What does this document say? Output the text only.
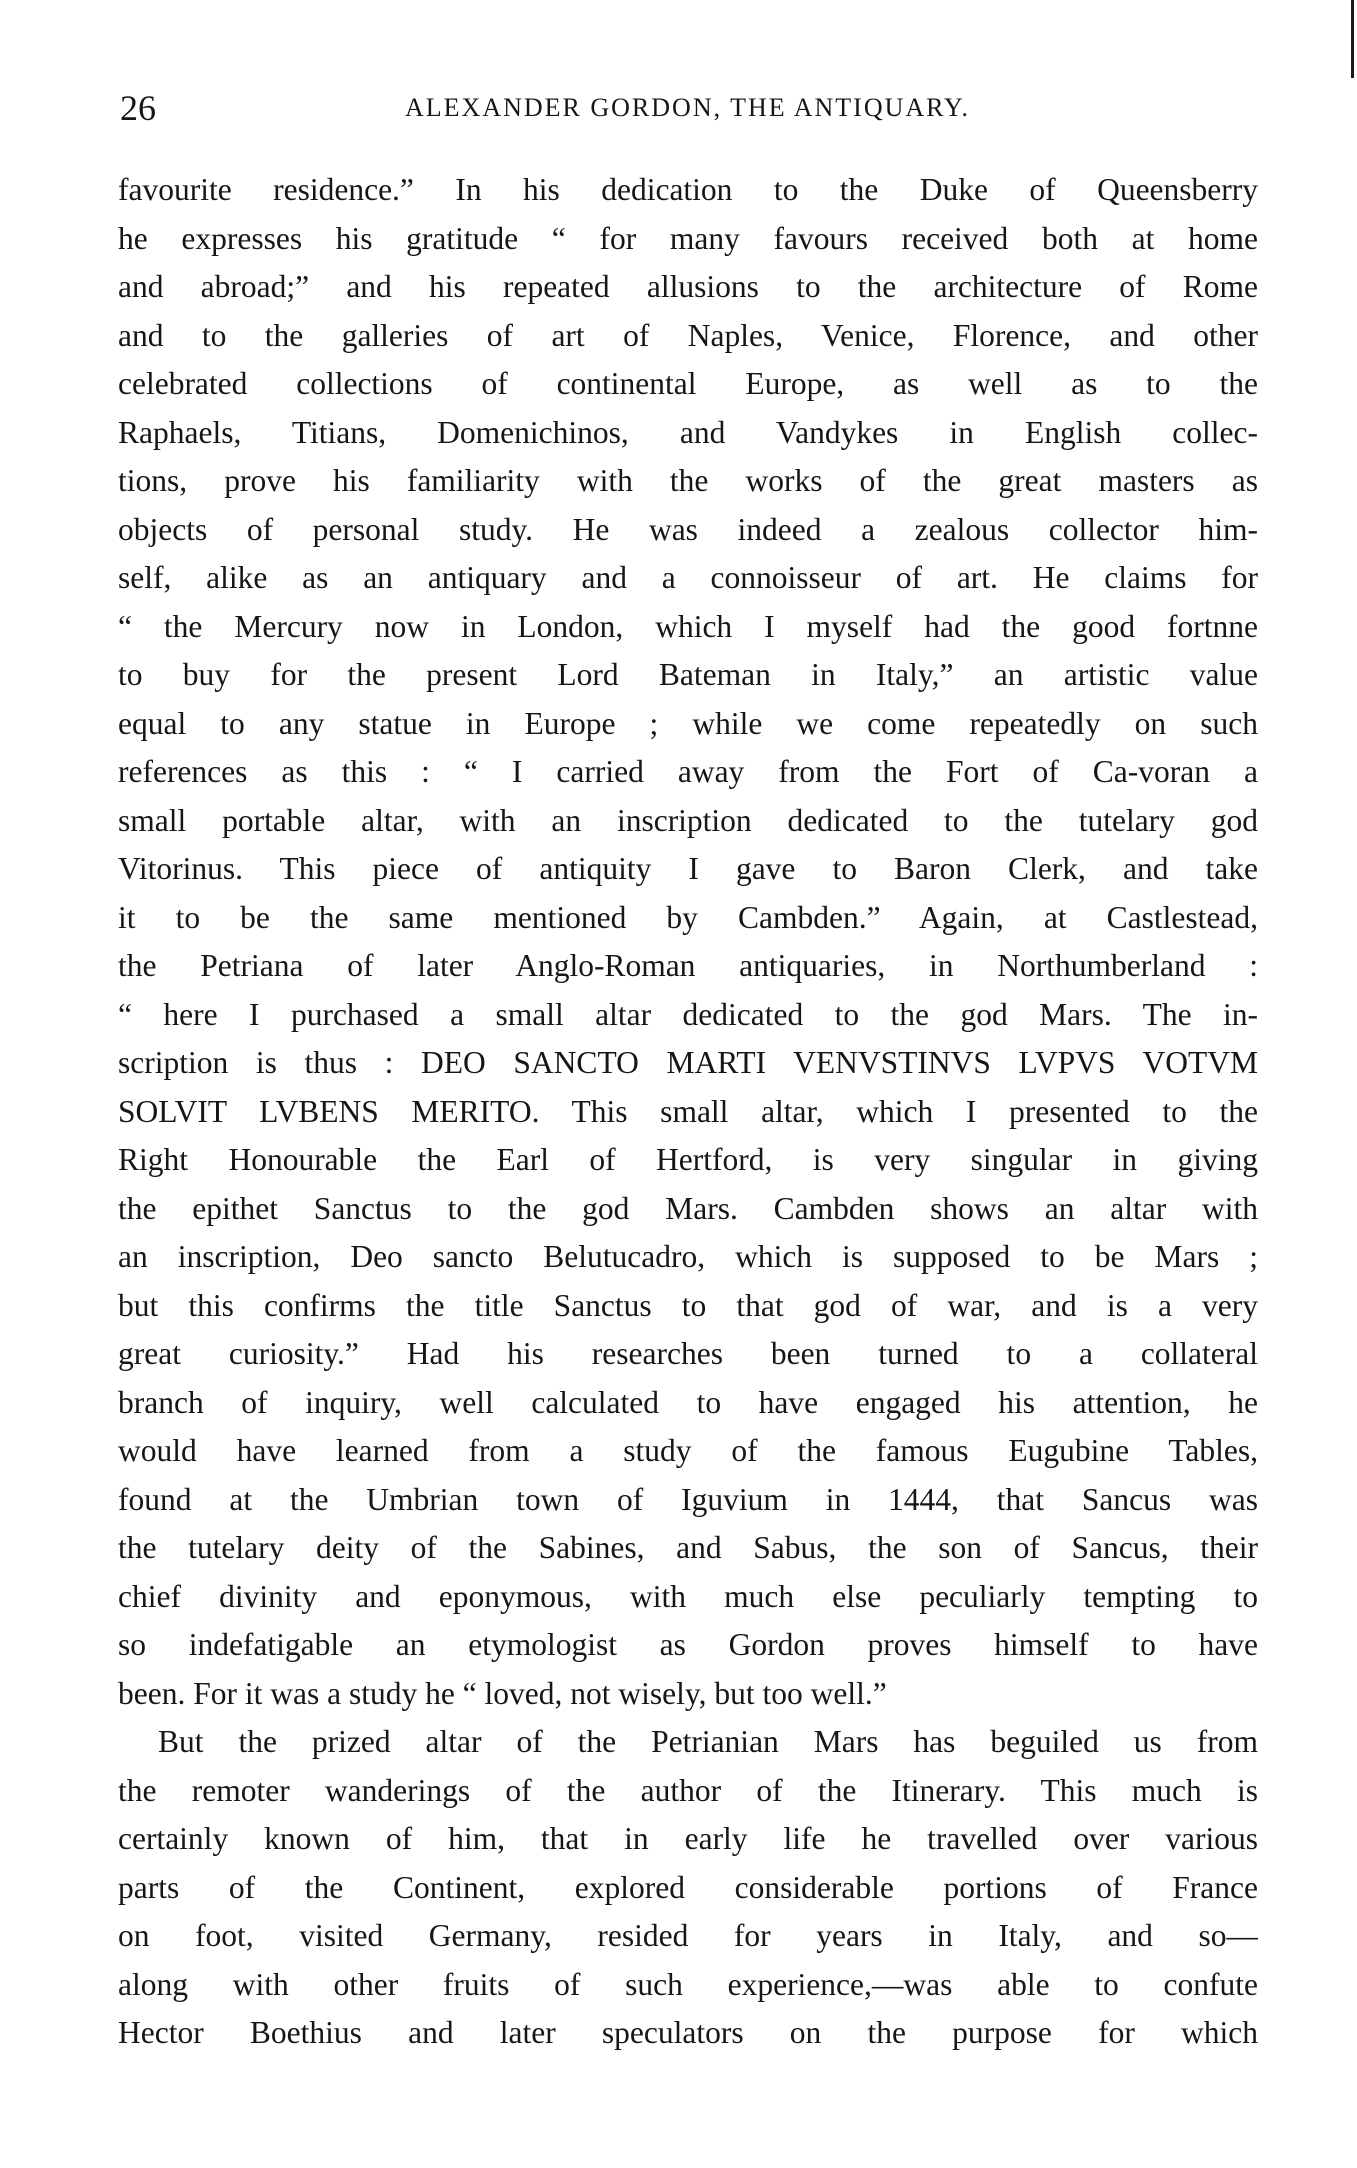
26	ALEXANDER GORDON, THE ANTIQUARY.
favourite residence.” In his dedication to the Duke of Queensberry
he expresses his gratitude “ for many favours received both at home
and abroad;” and his repeated allusions to the architecture of Rome
and to the galleries of art of Naples, Venice, Florence, and other
celebrated collections of continental Europe, as well as to the
Raphaels, Titians, Domenichinos, and Vandykes in English collec-
tions, prove his familiarity with the works of the great masters as
objects of personal study. He was indeed a zealous collector him-
self, alike as an antiquary and a connoisseur of art. He claims for
“ the Mercury now in London, which I myself had the good fortnne
to buy for the present Lord Bateman in Italy,” an artistic value
equal to any statue in Europe ; while we come repeatedly on such
references as this : “ I carried away from the Fort of Ca-voran a
small portable altar, with an inscription dedicated to the tutelary god
Vitorinus. This piece of antiquity I gave to Baron Clerk, and take
it to be the same mentioned by Cambden.” Again, at Castlestead,
the Petriana of later Anglo-Roman antiquaries, in Northumberland :
“ here I purchased a small altar dedicated to the god Mars. The in-
scription is thus : DEO SANCTO MARTI VENVSTINVS LVPVS VOTVM
SOLVIT LVBENS MERITO. This small altar, which I presented to the
Right Honourable the Earl of Hertford, is very singular in giving
the epithet Sanctus to the god Mars. Cambden shows an altar with
an inscription, Deo sancto Belutucadro, which is supposed to be Mars ;
but this confirms the title Sanctus to that god of war, and is a very
great curiosity.” Had his researches been turned to a collateral
branch of inquiry, well calculated to have engaged his attention, he
would have learned from a study of the famous Eugubine Tables,
found at the Umbrian town of Iguvium in 1444, that Sancus was
the tutelary deity of the Sabines, and Sabus, the son of Sancus, their
chief divinity and eponymous, with much else peculiarly tempting to
so indefatigable an etymologist as Gordon proves himself to have
been. For it was a study he “ loved, not wisely, but too well.”
But the prized altar of the Petrianian Mars has beguiled us from
the remoter wanderings of the author of the Itinerary. This much is
certainly known of him, that in early life he travelled over various
parts of the Continent, explored considerable portions of France
on foot, visited Germany, resided for years in Italy, and so—
along with other fruits of such experience,—was able to confute
Hector Boethius and later speculators on the purpose for which
